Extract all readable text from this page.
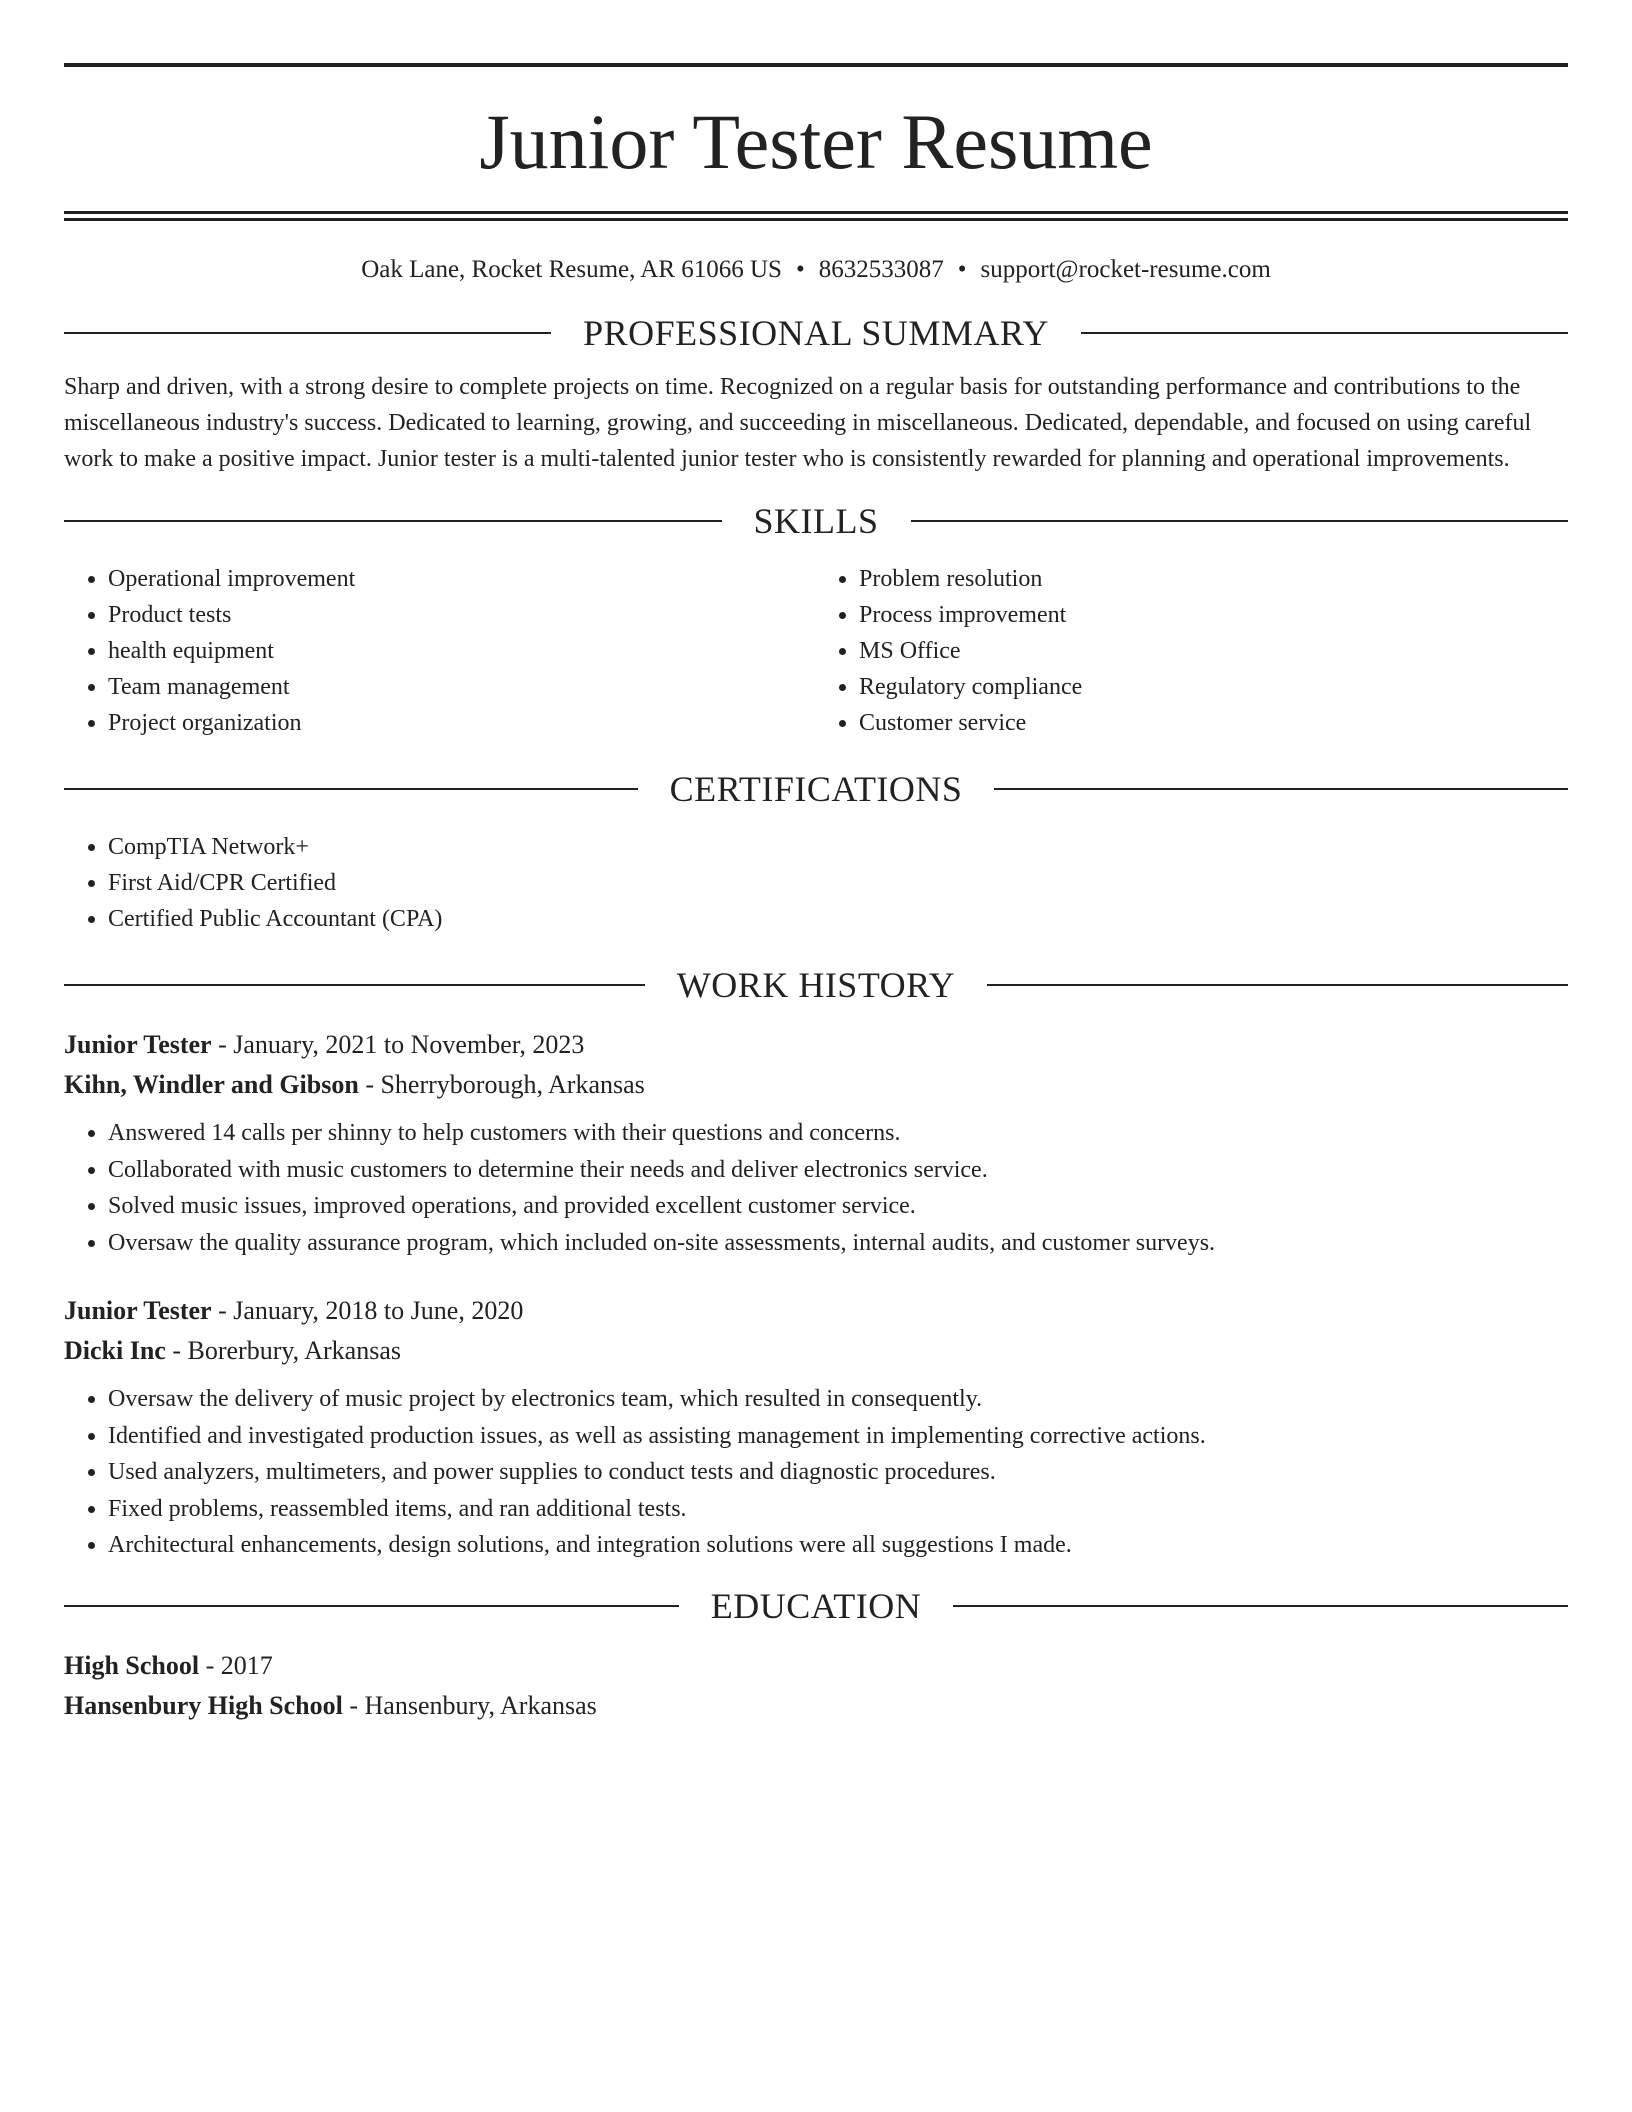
Junior Tester Resume
Oak Lane, Rocket Resume, AR 61066 US • 8632533087 • support@rocket-resume.com
PROFESSIONAL SUMMARY

Sharp and driven, with a strong desire to complete projects on time. Recognized on a regular basis for outstanding performance and contributions to the miscellaneous industry's success. Dedicated to learning, growing, and succeeding in miscellaneous. Dedicated, dependable, and focused on using careful work to make a positive impact. Junior tester is a multi-talented junior tester who is consistently rewarded for planning and operational improvements.

SKILLS
• Operational improvement
• Product tests
• health equipment
• Team management
• Project organization
• Problem resolution
• Process improvement
• MS Office
• Regulatory compliance
• Customer service
CERTIFICATIONS
• CompTIA Network+
• First Aid/CPR Certified
• Certified Public Accountant (CPA)
WORK HISTORY
Junior Tester - January, 2021 to November, 2023
Kihn, Windler and Gibson - Sherryborough, Arkansas
• Answered 14 calls per shinny to help customers with their questions and concerns.
• Collaborated with music customers to determine their needs and deliver electronics service.
• Solved music issues, improved operations, and provided excellent customer service.
• Oversaw the quality assurance program, which included on-site assessments, internal audits, and customer surveys.
Junior Tester - January, 2018 to June, 2020
Dicki Inc - Borerbury, Arkansas
• Oversaw the delivery of music project by electronics team, which resulted in consequently.
• Identified and investigated production issues, as well as assisting management in implementing corrective actions.
• Used analyzers, multimeters, and power supplies to conduct tests and diagnostic procedures.
• Fixed problems, reassembled items, and ran additional tests.
• Architectural enhancements, design solutions, and integration solutions were all suggestions I made.
EDUCATION
High School - 2017
Hansenbury High School - Hansenbury, Arkansas
